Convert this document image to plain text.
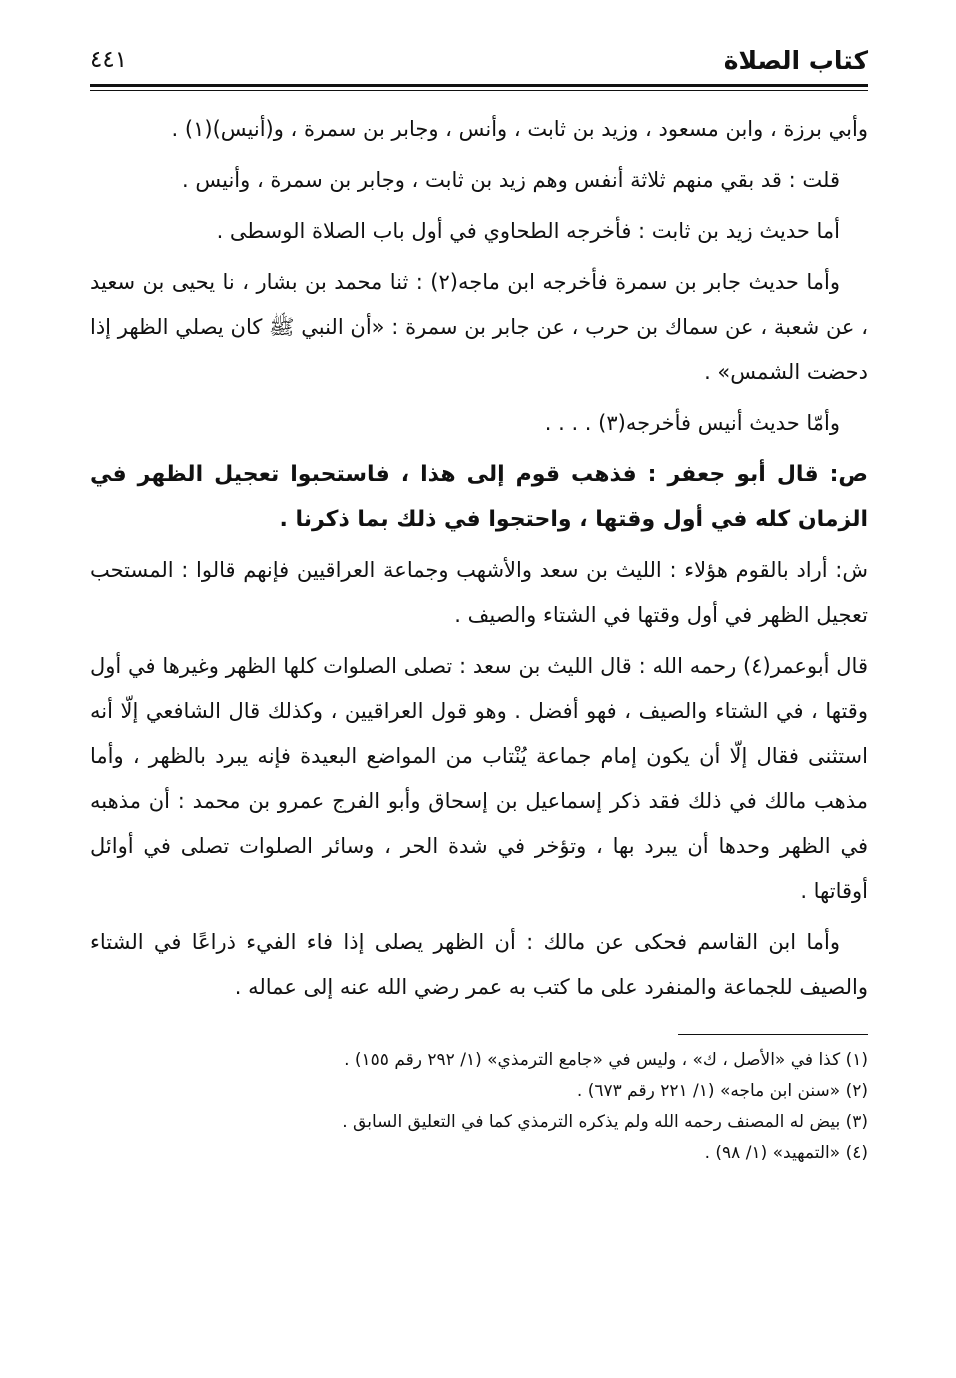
كتاب الصلاة
٤٤١

وأبي برزة ، وابن مسعود ، وزيد بن ثابت ، وأنس ، وجابر بن سمرة ، و(أنيس)(١) .

قلت : قد بقي منهم ثلاثة أنفس وهم زيد بن ثابت ، وجابر بن سمرة ، وأنيس .

أما حديث زيد بن ثابت : فأخرجه الطحاوي في أول باب الصلاة الوسطى .

وأما حديث جابر بن سمرة فأخرجه ابن ماجه(٢) : ثنا محمد بن بشار ، نا يحيى بن سعيد ، عن شعبة ، عن سماك بن حرب ، عن جابر بن سمرة : «أن النبي ﷺ كان يصلي الظهر إذا دحضت الشمس» .

وأمّا حديث أنيس فأخرجه(٣) . . . .

ص: قال أبو جعفر : فذهب قوم إلى هذا ، فاستحبوا تعجيل الظهر في الزمان كله في أول وقتها ، واحتجوا في ذلك بما ذكرنا .

ش: أراد بالقوم هؤلاء : الليث بن سعد والأشهب وجماعة العراقيين فإنهم قالوا : المستحب تعجيل الظهر في أول وقتها في الشتاء والصيف .

قال أبوعمر(٤) رحمه الله : قال الليث بن سعد : تصلى الصلوات كلها الظهر وغيرها في أول وقتها ، في الشتاء والصيف ، فهو أفضل . وهو قول العراقيين ، وكذلك قال الشافعي إلّا أنه استثنى فقال إلّا أن يكون إمام جماعة يُنْتاب من المواضع البعيدة فإنه يبرد بالظهر ، وأما مذهب مالك في ذلك فقد ذكر إسماعيل بن إسحاق وأبو الفرج عمرو بن محمد : أن مذهبه في الظهر وحدها أن يبرد بها ، وتؤخر في شدة الحر ، وسائر الصلوات تصلى في أوائل أوقاتها .

وأما ابن القاسم فحكى عن مالك : أن الظهر يصلى إذا فاء الفيء ذراعًا في الشتاء والصيف للجماعة والمنفرد على ما كتب به عمر رضي الله عنه إلى عماله .

(١) كذا في «الأصل ، ك» ، وليس في «جامع الترمذي» (١/ ٢٩٢ رقم ١٥٥) .

(٢) «سنن ابن ماجه» (١/ ٢٢١ رقم ٦٧٣) .

(٣) بيض له المصنف رحمه الله ولم يذكره الترمذي كما في التعليق السابق .

(٤) «التمهيد» (١/ ٩٨) .
